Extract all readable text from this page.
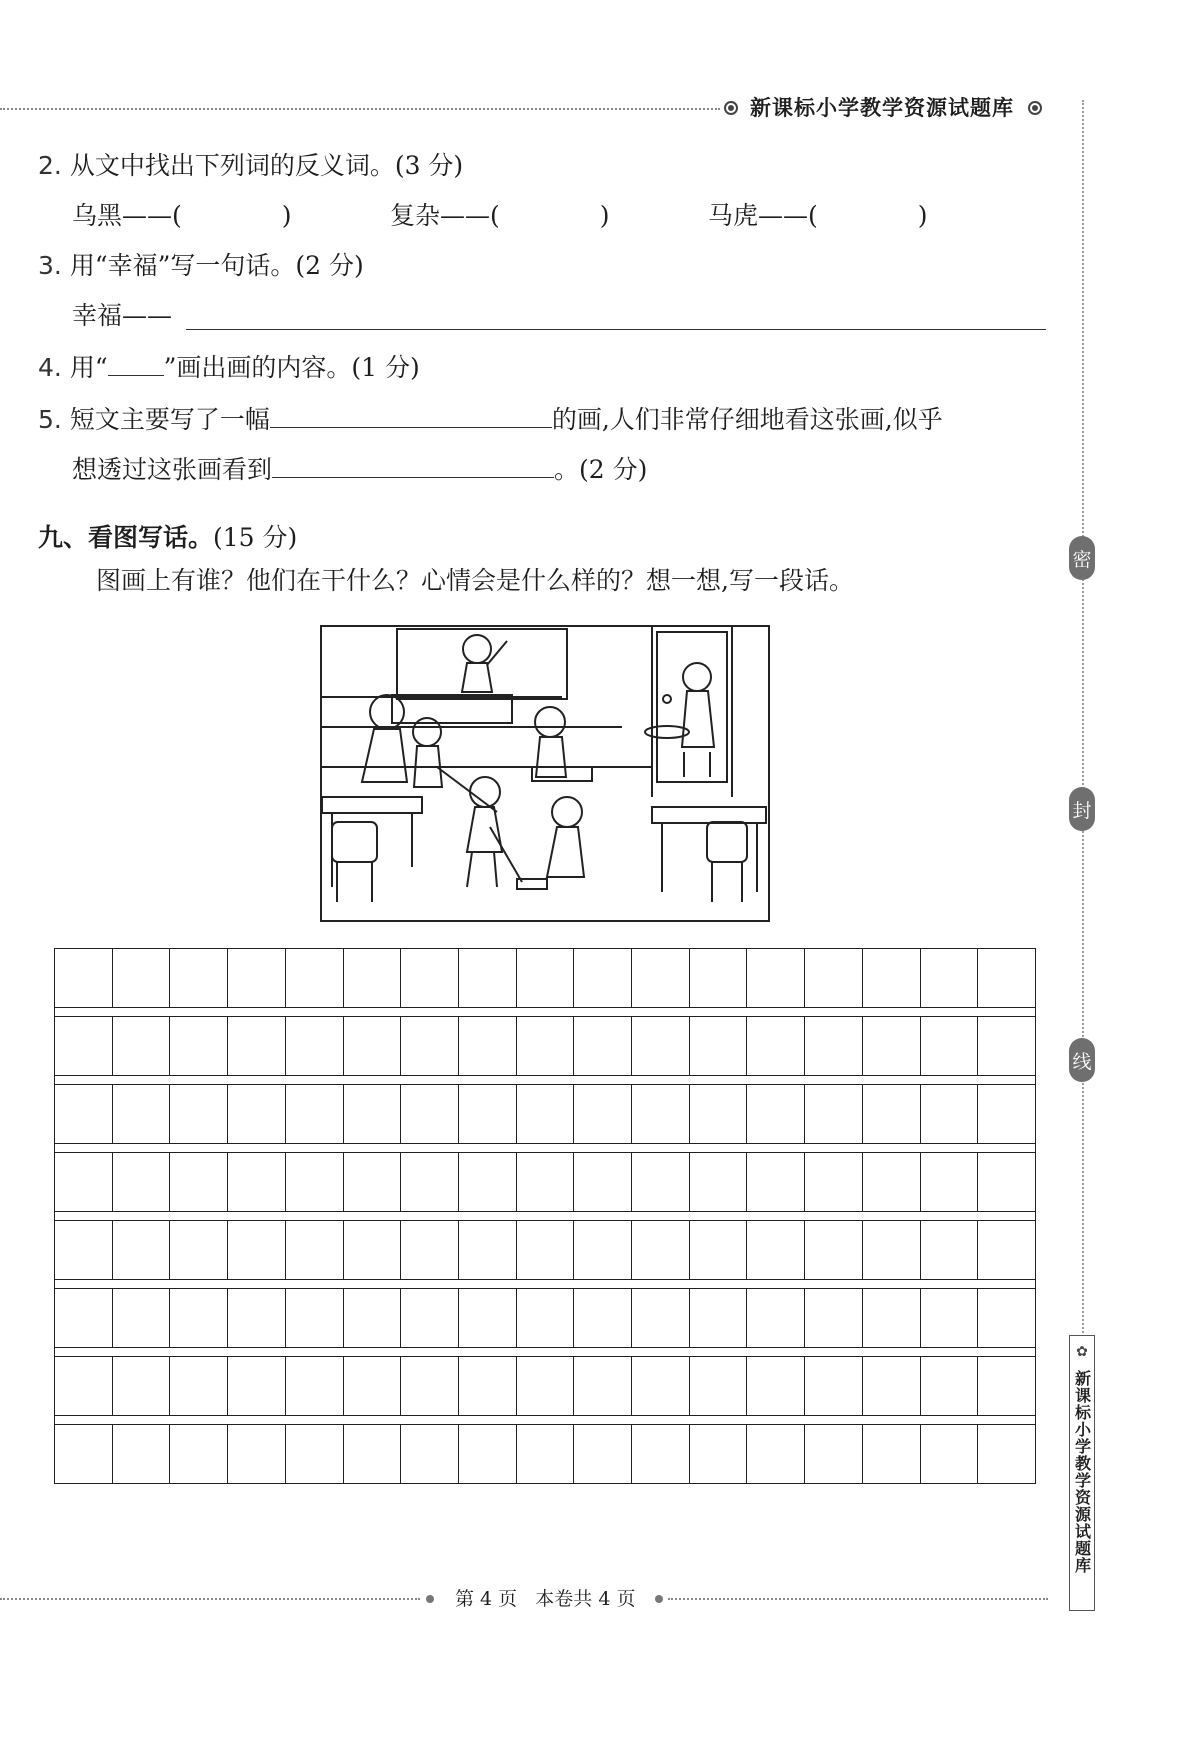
新课标小学教学资源试题库
密
封
线
✿
新课标小学教学资源试题库
2. 从文中找出下列词的反义词。(3 分)
乌黑——(	)	复杂——(	)	马虎——(	)
3. 用“幸福”写一句话。(2 分)
幸福——
4. 用“ ”画出画的内容。(1 分)
5. 短文主要写了一幅	的画,人们非常仔细地看这张画,似乎
想透过这张画看到	。(2 分)
九、看图写话。(15 分)
图画上有谁？他们在干什么？心情会是什么样的？想一想,写一段话。
第 4 页 本卷共 4 页
